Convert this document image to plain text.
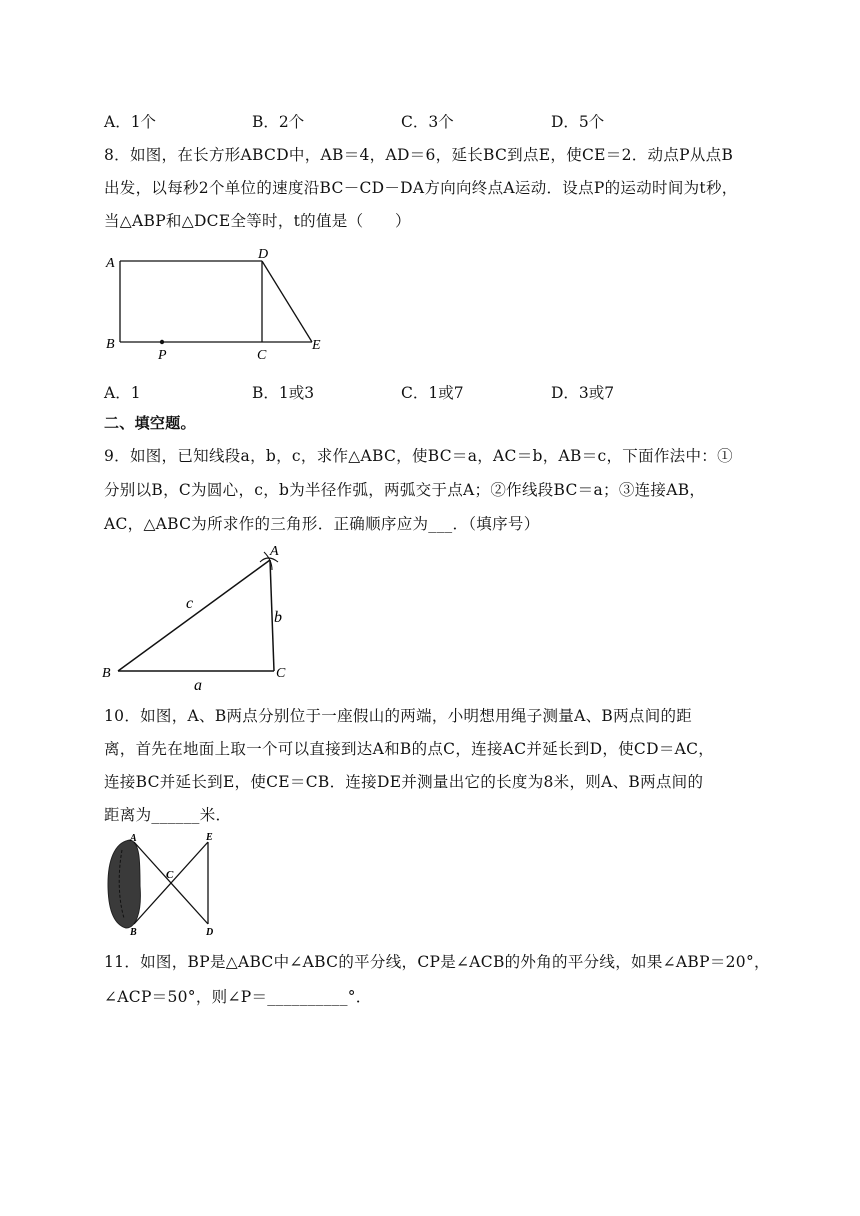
A．1个	B．2个	C．3个	D．5个
8．如图，在长方形ABCD中，AB＝4，AD＝6，延长BC到点E，使CE＝2．动点P从点B
出发，以每秒2个单位的速度沿BC－CD－DA方向向终点A运动．设点P的运动时间为t秒，
当△ABP和△DCE全等时，t的值是（　　）
A
B
C
D
E
P
A．1	B．1或3	C．1或7	D．3或7
二、填空题。
9．如图，已知线段a，b，c，求作△ABC，使BC＝a，AC＝b，AB＝c，下面作法中：①
分别以B，C为圆心，c，b为半径作弧，两弧交于点A；②作线段BC＝a；③连接AB，
AC，△ABC为所求作的三角形．正确顺序应为___．（填序号）
A
B	C
a
b
c
10．如图，A、B两点分别位于一座假山的两端，小明想用绳子测量A、B两点间的距
离，首先在地面上取一个可以直接到达A和B的点C，连接AC并延长到D，使CD＝AC，
连接BC并延长到E，使CE＝CB．连接DE并测量出它的长度为8米，则A、B两点间的
距离为______米．
A
B
C
E
D
11．如图，BP是△ABC中∠ABC的平分线，CP是∠ACB的外角的平分线，如果∠ABP＝20°，
∠ACP＝50°，则∠P＝__________°．
